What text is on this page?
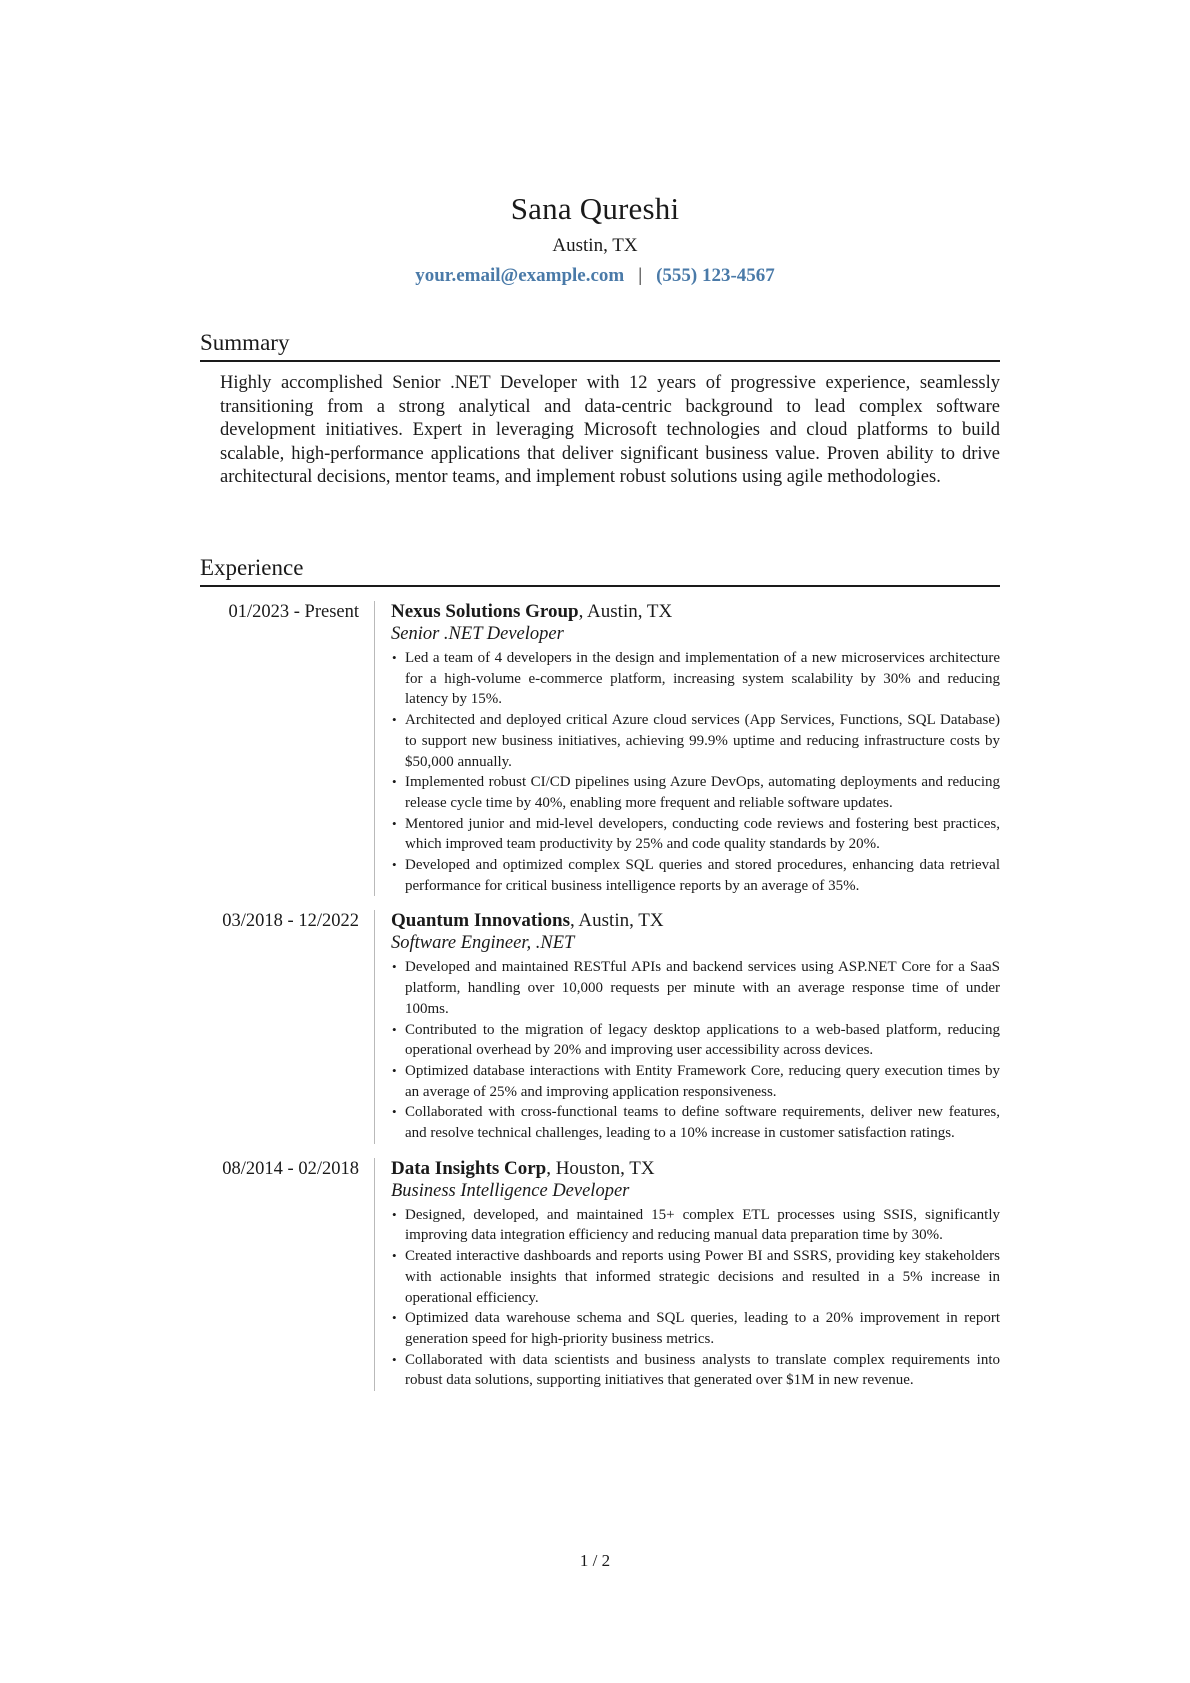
Sana Qureshi
Austin, TX
your.email@example.com | (555) 123-4567
Summary
Highly accomplished Senior .NET Developer with 12 years of progressive experience, seamlessly transitioning from a strong analytical and data-centric background to lead complex software development initiatives. Expert in leveraging Microsoft technologies and cloud platforms to build scalable, high-performance applications that deliver significant business value. Proven ability to drive architectural decisions, mentor teams, and implement robust solutions using agile methodologies.
Experience
01/2023 - Present	Nexus Solutions Group, Austin, TX
Senior .NET Developer
• Led a team of 4 developers in the design and implementation of a new microservices architecture for a high-volume e-commerce platform, increasing system scalability by 30% and reducing latency by 15%.
• Architected and deployed critical Azure cloud services (App Services, Functions, SQL Database) to support new business initiatives, achieving 99.9% uptime and reducing infrastructure costs by $50,000 annually.
• Implemented robust CI/CD pipelines using Azure DevOps, automating deployments and reducing release cycle time by 40%, enabling more frequent and reliable software updates.
• Mentored junior and mid-level developers, conducting code reviews and fostering best practices, which improved team productivity by 25% and code quality standards by 20%.
• Developed and optimized complex SQL queries and stored procedures, enhancing data retrieval performance for critical business intelligence reports by an average of 35%.
03/2018 - 12/2022	Quantum Innovations, Austin, TX
Software Engineer, .NET
• Developed and maintained RESTful APIs and backend services using ASP.NET Core for a SaaS platform, handling over 10,000 requests per minute with an average response time of under 100ms.
• Contributed to the migration of legacy desktop applications to a web-based platform, reducing operational overhead by 20% and improving user accessibility across devices.
• Optimized database interactions with Entity Framework Core, reducing query execution times by an average of 25% and improving application responsiveness.
• Collaborated with cross-functional teams to define software requirements, deliver new features, and resolve technical challenges, leading to a 10% increase in customer satisfaction ratings.
08/2014 - 02/2018	Data Insights Corp, Houston, TX
Business Intelligence Developer
• Designed, developed, and maintained 15+ complex ETL processes using SSIS, significantly improving data integration efficiency and reducing manual data preparation time by 30%.
• Created interactive dashboards and reports using Power BI and SSRS, providing key stakeholders with actionable insights that informed strategic decisions and resulted in a 5% increase in operational efficiency.
• Optimized data warehouse schema and SQL queries, leading to a 20% improvement in report generation speed for high-priority business metrics.
• Collaborated with data scientists and business analysts to translate complex requirements into robust data solutions, supporting initiatives that generated over $1M in new revenue.
1 / 2
